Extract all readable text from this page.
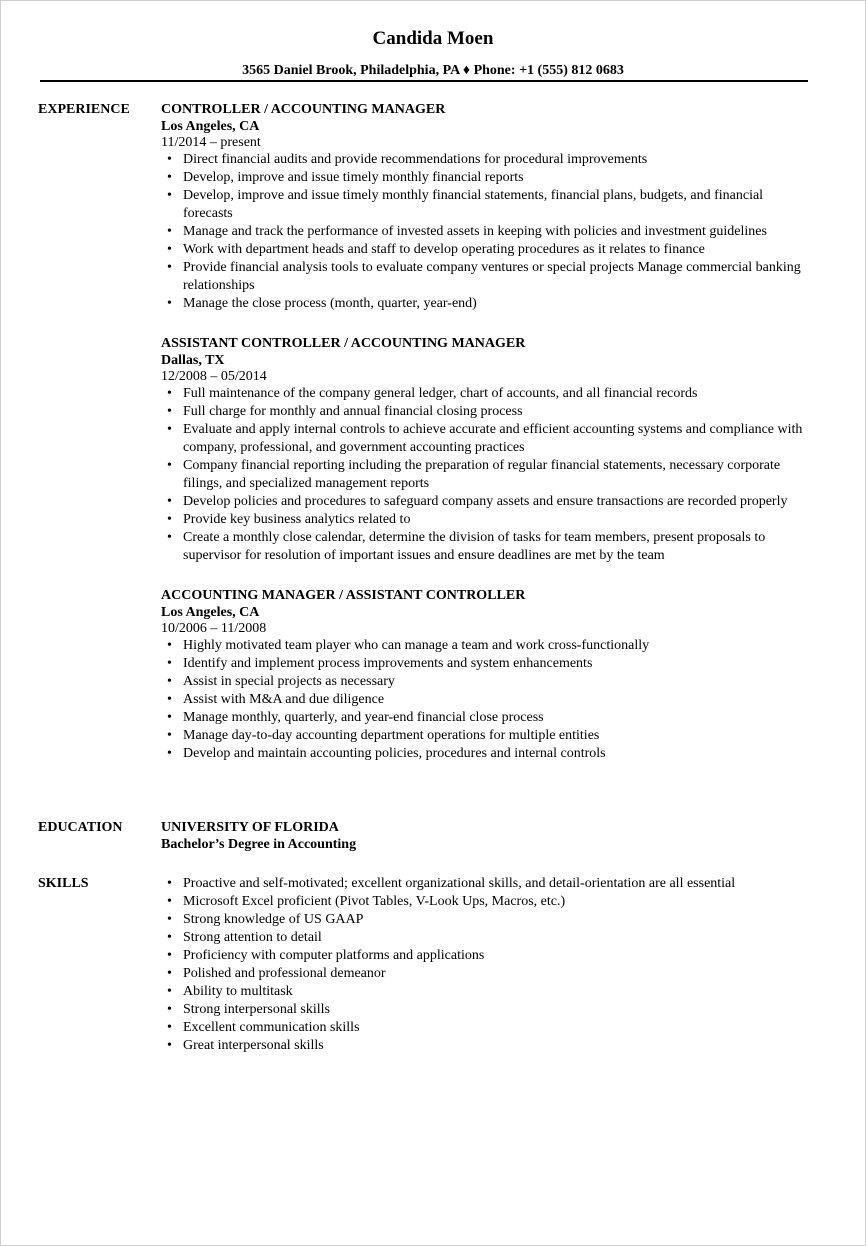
Candida Moen
3565 Daniel Brook, Philadelphia, PA ♦ Phone: +1 (555) 812 0683
EXPERIENCE CONTROLLER / ACCOUNTING MANAGER
Los Angeles, CA
11/2014 – present
• Direct financial audits and provide recommendations for procedural improvements
• Develop, improve and issue timely monthly financial reports
• Develop, improve and issue timely monthly financial statements, financial plans, budgets, and financial forecasts
• Manage and track the performance of invested assets in keeping with policies and investment guidelines
• Work with department heads and staff to develop operating procedures as it relates to finance
• Provide financial analysis tools to evaluate company ventures or special projects Manage commercial banking relationships
• Manage the close process (month, quarter, year-end)
ASSISTANT CONTROLLER / ACCOUNTING MANAGER
Dallas, TX
12/2008 – 05/2014
• Full maintenance of the company general ledger, chart of accounts, and all financial records
• Full charge for monthly and annual financial closing process
• Evaluate and apply internal controls to achieve accurate and efficient accounting systems and compliance with company, professional, and government accounting practices
• Company financial reporting including the preparation of regular financial statements, necessary corporate filings, and specialized management reports
• Develop policies and procedures to safeguard company assets and ensure transactions are recorded properly
• Provide key business analytics related to
• Create a monthly close calendar, determine the division of tasks for team members, present proposals to supervisor for resolution of important issues and ensure deadlines are met by the team
ACCOUNTING MANAGER / ASSISTANT CONTROLLER
Los Angeles, CA
10/2006 – 11/2008
• Highly motivated team player who can manage a team and work cross-functionally
• Identify and implement process improvements and system enhancements
• Assist in special projects as necessary
• Assist with M&A and due diligence
• Manage monthly, quarterly, and year-end financial close process
• Manage day-to-day accounting department operations for multiple entities
• Develop and maintain accounting policies, procedures and internal controls
EDUCATION	UNIVERSITY OF FLORIDA
Bachelor’s Degree in Accounting
SKILLS
•	Proactive and self-motivated; excellent organizational skills, and detail-orientation are all essential
• Microsoft Excel proficient (Pivot Tables, V-Look Ups, Macros, etc.)
• Strong knowledge of US GAAP
• Strong attention to detail
• Proficiency with computer platforms and applications
• Polished and professional demeanor
• Ability to multitask
• Strong interpersonal skills
• Excellent communication skills
• Great interpersonal skills
